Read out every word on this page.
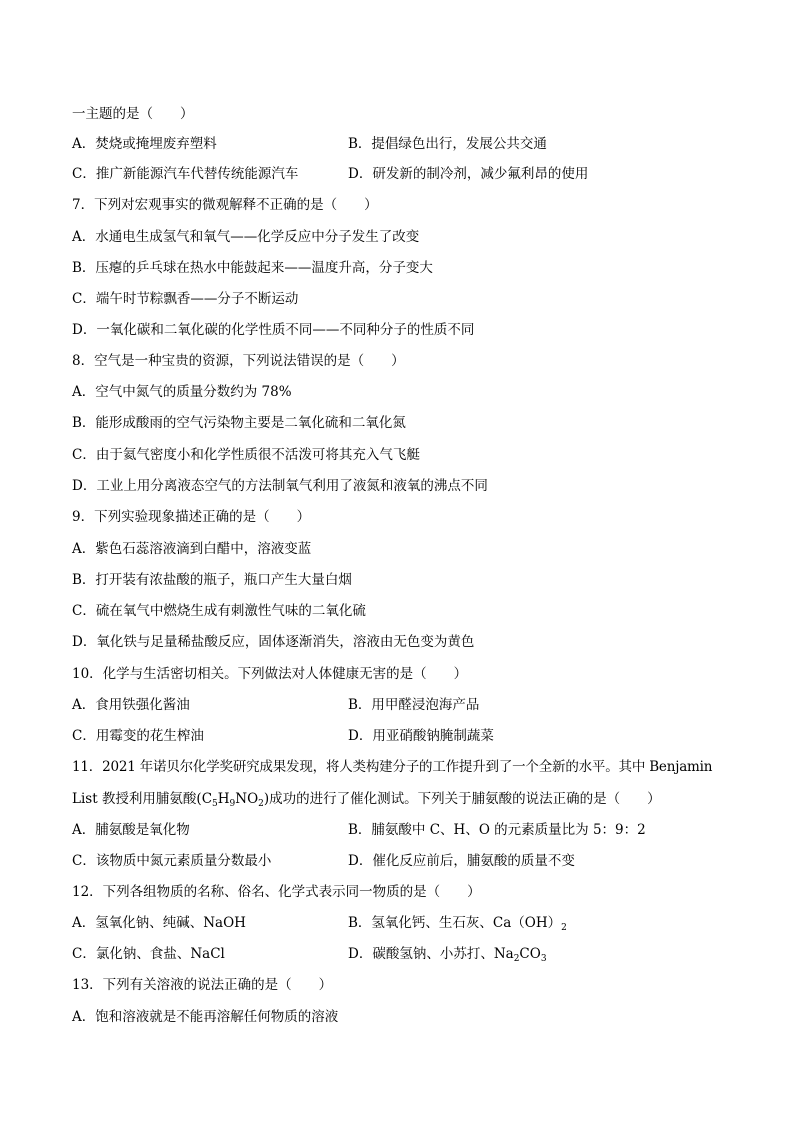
一主题的是（　　）
A．焚烧或掩埋废弃塑料	B．提倡绿色出行，发展公共交通
C．推广新能源汽车代替传统能源汽车	D．研发新的制冷剂，减少氟利昂的使用
7．下列对宏观事实的微观解释不正确的是（　　）
A．水通电生成氢气和氧气——化学反应中分子发生了改变
B．压瘪的乒乓球在热水中能鼓起来——温度升高，分子变大
C．端午时节粽飘香——分子不断运动
D．一氧化碳和二氧化碳的化学性质不同——不同种分子的性质不同
8．空气是一种宝贵的资源，下列说法错误的是（　　）
A．空气中氮气的质量分数约为 78%
B．能形成酸雨的空气污染物主要是二氧化硫和二氧化氮
C．由于氦气密度小和化学性质很不活泼可将其充入气飞艇
D．工业上用分离液态空气的方法制氧气利用了液氮和液氧的沸点不同
9．下列实验现象描述正确的是（　　）
A．紫色石蕊溶液滴到白醋中，溶液变蓝
B．打开装有浓盐酸的瓶子，瓶口产生大量白烟
C．硫在氧气中燃烧生成有刺激性气味的二氧化硫
D．氧化铁与足量稀盐酸反应，固体逐渐消失，溶液由无色变为黄色
10．化学与生活密切相关。下列做法对人体健康无害的是（　　）
A．食用铁强化酱油	B．用甲醛浸泡海产品
C．用霉变的花生榨油	D．用亚硝酸钠腌制蔬菜
11．2021 年诺贝尔化学奖研究成果发现，将人类构建分子的工作提升到了一个全新的水平。其中 Benjamin
List 教授利用脯氨酸$(C_5H_9NO_2)$成功的进行了催化测试。下列关于脯氨酸的说法正确的是（　　）
A．脯氨酸是氧化物	B．脯氨酸中 C、H、O 的元素质量比为 5：9：2
C．该物质中氮元素质量分数最小	D．催化反应前后，脯氨酸的质量不变
12．下列各组物质的名称、俗名、化学式表示同一物质的是（　　）
A．氢氧化钠、纯碱、NaOH	B．氢氧化钙、生石灰、$Ca(OH)_2$
C．氯化钠、食盐、NaCl	D．碳酸氢钠、小苏打、$Na_2CO_3$
13．下列有关溶液的说法正确的是（　　）
A．饱和溶液就是不能再溶解任何物质的溶液
